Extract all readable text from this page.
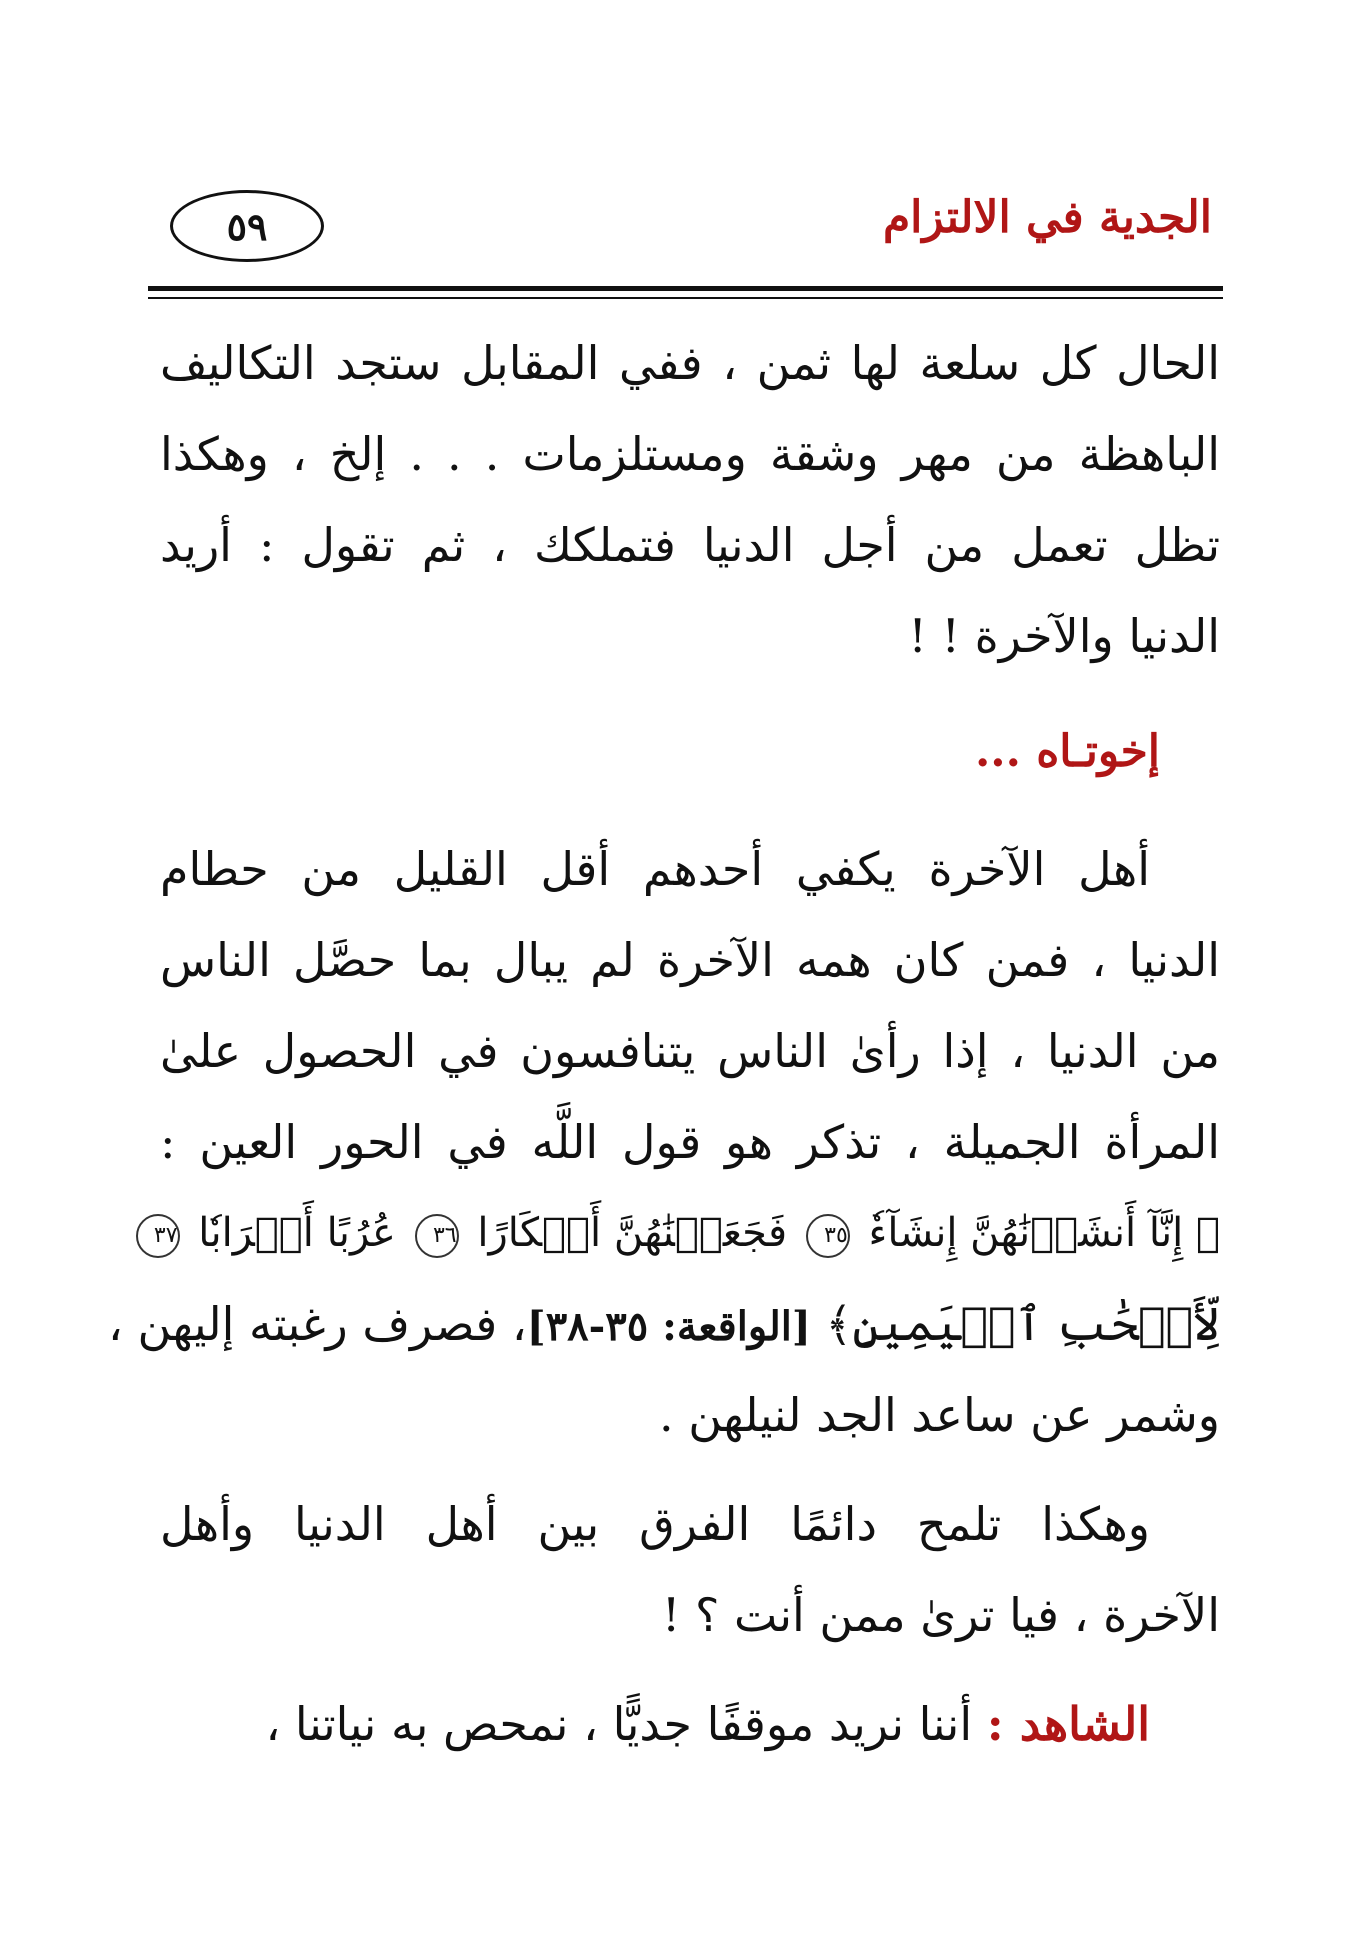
الجدية في الالتزام
٥٩
الحال كل سلعة لها ثمن ، ففي المقابل ستجد التكاليف
الباهظة من مهر وشقة ومستلزمات . . . إلخ ، وهكذا
تظل تعمل من أجل الدنيا فتملكك ، ثم تقول : أريد
الدنيا والآخرة ! !
إخوتـاه ...
أهل الآخرة يكفي أحدهم أقل القليل من حطام
الدنيا ، فمن كان همه الآخرة لم يبال بما حصَّل الناس
من الدنيا ، إذا رأىٰ الناس يتنافسون في الحصول علىٰ
المرأة الجميلة ، تذكر هو قول اللَّه في الحور العين :
﴿ إِنَّآ أَنشَأۡنَٰهُنَّ إِنشَآءٗ ٣٥ فَجَعَلۡنَٰهُنَّ أَبۡكَارًا ٣٦ عُرُبًا أَتۡرَابٗا ٣٧
لِّأَصۡحَٰبِ ٱلۡيَمِينِ﴾ [الواقعة: ٣٥-٣٨]، فصرف رغبته إليهن ،
وشمر عن ساعد الجد لنيلهن .
وهكذا تلمح دائمًا الفرق بين أهل الدنيا وأهل
الآخرة ، فيا ترىٰ ممن أنت ؟ !
الشاهد : أننا نريد موقفًا جديًّا ، نمحص به نياتنا ،
